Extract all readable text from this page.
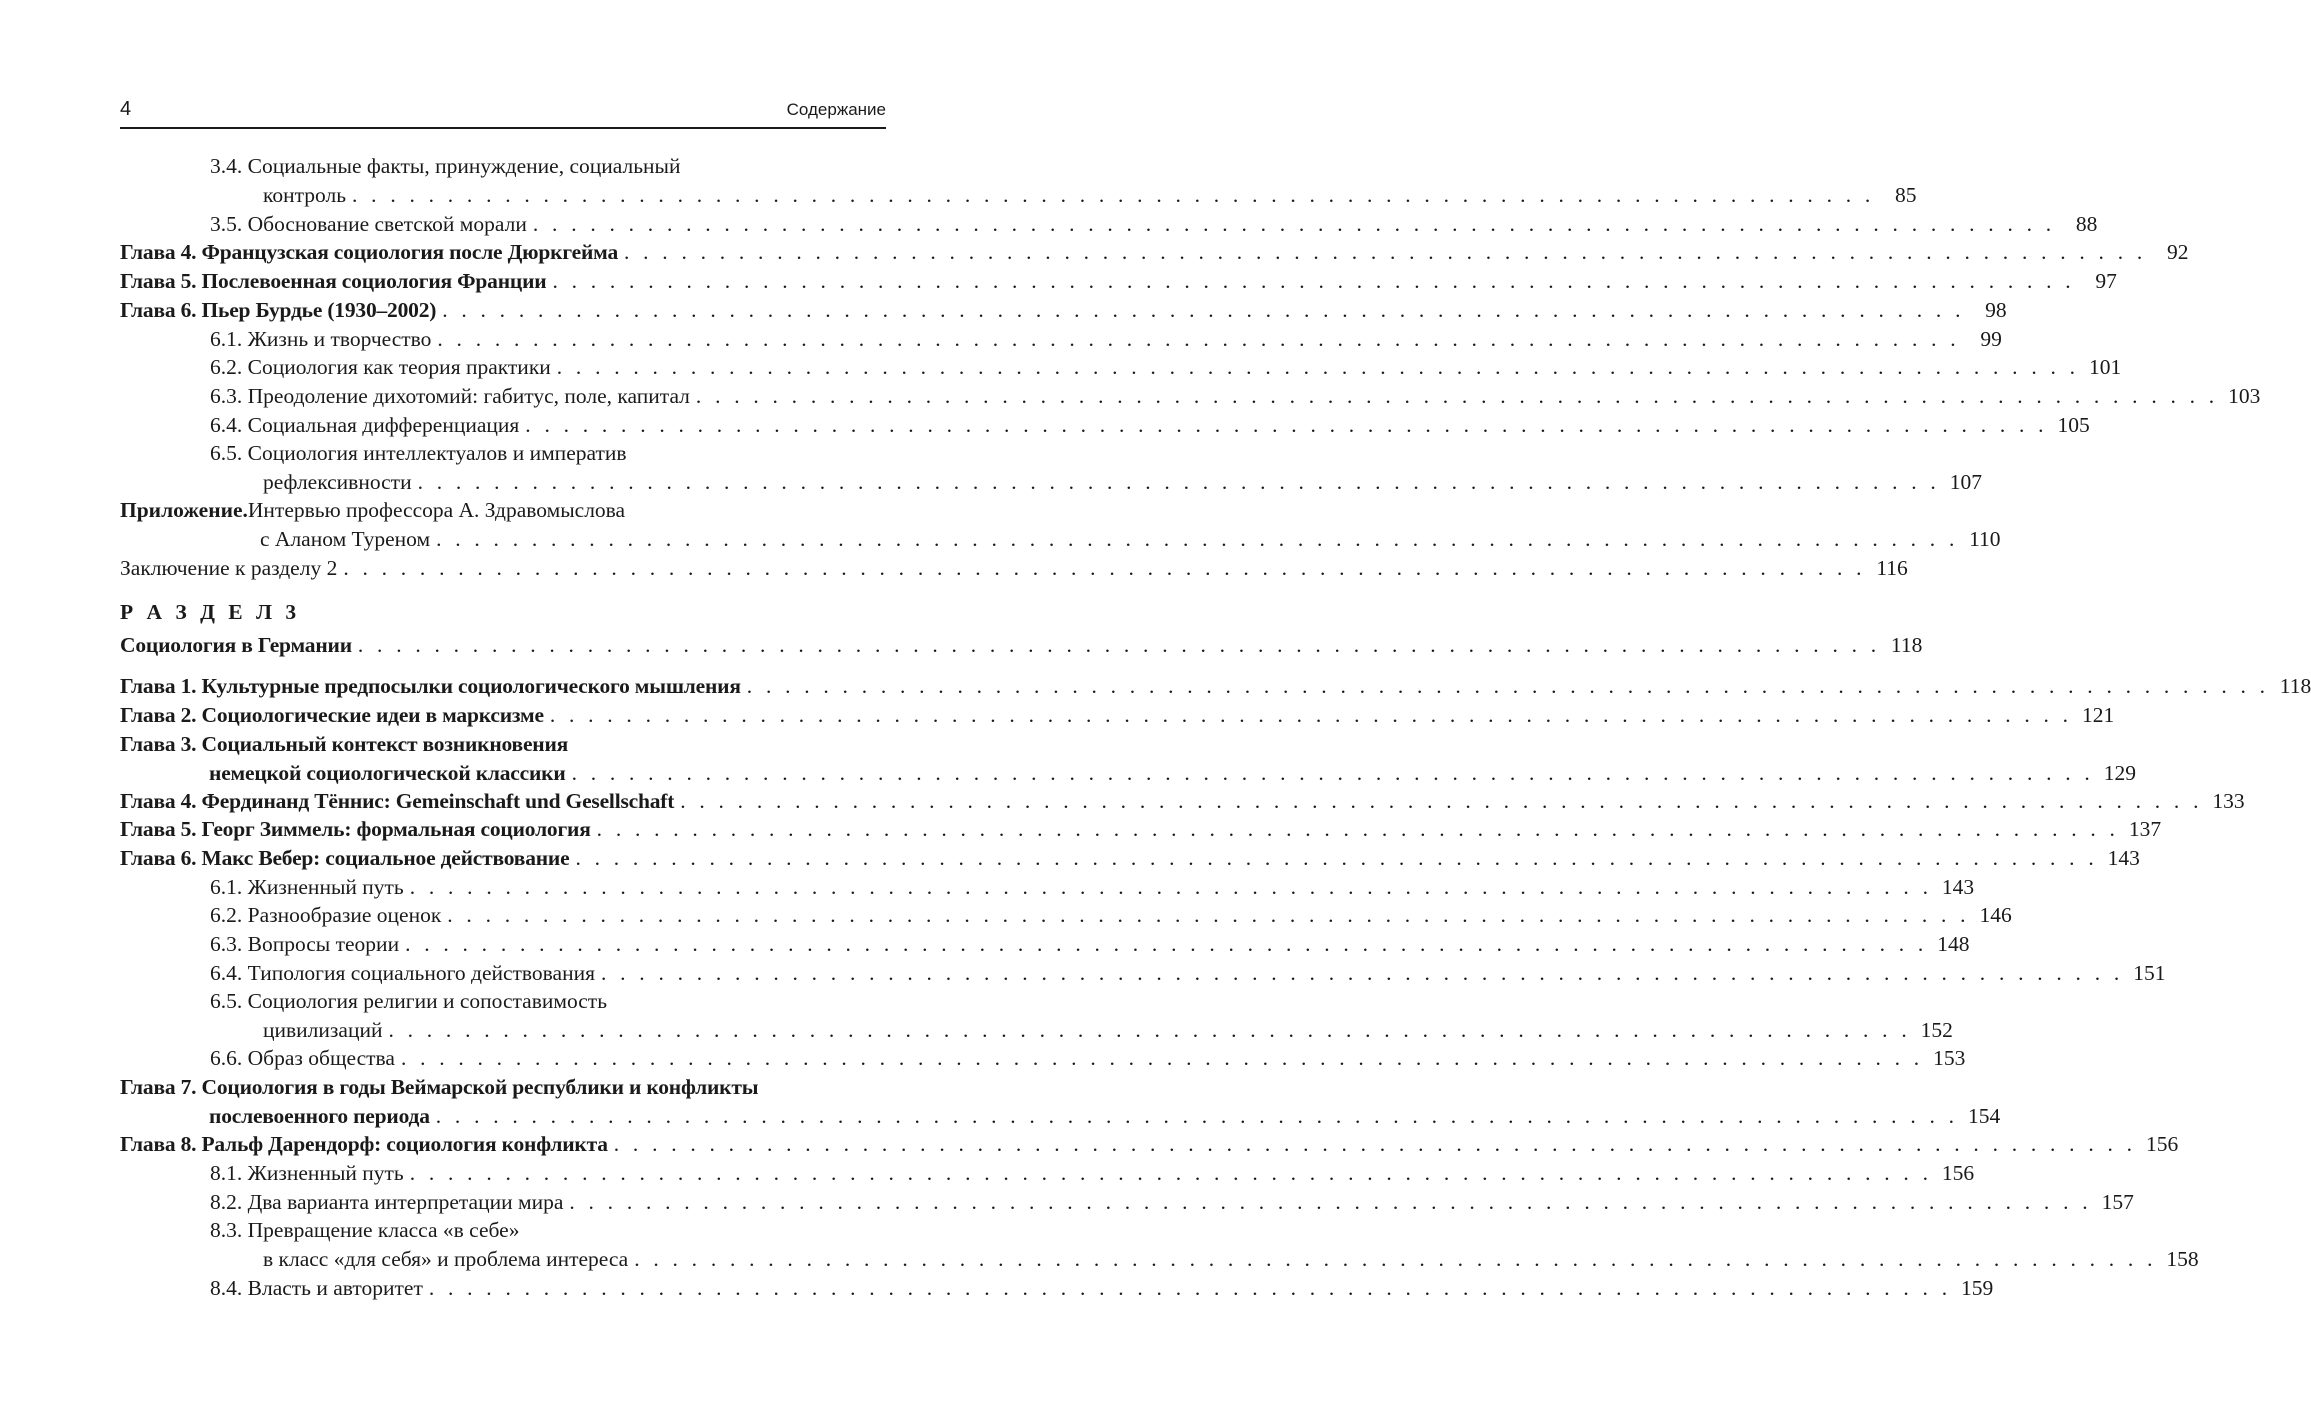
4	Содержание
Р А З Д Е Л 3
3.4. Социальные факты, принуждение, социальный
контроль . . . . . . . . . . . . . . . . . . . . . . . . . . . . . . . . . . . . . . . . . . . . . . . . . . . . . . . . . . . . . . . . . . . . . . . . . . . . . . . . 85
3.5. Обоснование светской морали . . . . . . . . . . . . . . . . . . . . . . . . . . . . . . . . . . . . . . . . . . . . . . . . . . . . . . . . . . . . . . . . . . . . . . . . . . . . . . . . 88
Глава 4. Французская социология после Дюркгейма . . . . . . . . . . . . . . . . . . . . . . . . . . . . . . . . . . . . . . . . . . . . . . . . . . . . . . . . . . . . . . . . . . . . . . . . . . . . . . . . 92
Глава 5. Послевоенная социология Франции . . . . . . . . . . . . . . . . . . . . . . . . . . . . . . . . . . . . . . . . . . . . . . . . . . . . . . . . . . . . . . . . . . . . . . . . . . . . . . . . 97
Глава 6. Пьер Бурдье (1930–2002) . . . . . . . . . . . . . . . . . . . . . . . . . . . . . . . . . . . . . . . . . . . . . . . . . . . . . . . . . . . . . . . . . . . . . . . . . . . . . . . . 98
6.1. Жизнь и творчество . . . . . . . . . . . . . . . . . . . . . . . . . . . . . . . . . . . . . . . . . . . . . . . . . . . . . . . . . . . . . . . . . . . . . . . . . . . . . . . . 99
6.2. Социология как теория практики . . . . . . . . . . . . . . . . . . . . . . . . . . . . . . . . . . . . . . . . . . . . . . . . . . . . . . . . . . . . . . . . . . . . . . . . . . . . . . . . 101
6.3. Преодоление дихотомий: габитус, поле, капитал . . . . . . . . . . . . . . . . . . . . . . . . . . . . . . . . . . . . . . . . . . . . . . . . . . . . . . . . . . . . . . . . . . . . . . . . . . . . . . . . 103
6.4. Социальная дифференциация . . . . . . . . . . . . . . . . . . . . . . . . . . . . . . . . . . . . . . . . . . . . . . . . . . . . . . . . . . . . . . . . . . . . . . . . . . . . . . . . 105
6.5. Социология интеллектуалов и императив
рефлексивности . . . . . . . . . . . . . . . . . . . . . . . . . . . . . . . . . . . . . . . . . . . . . . . . . . . . . . . . . . . . . . . . . . . . . . . . . . . . . . . . 107
Приложение. Интервью профессора А. Здравомыслова
с Аланом Туреном . . . . . . . . . . . . . . . . . . . . . . . . . . . . . . . . . . . . . . . . . . . . . . . . . . . . . . . . . . . . . . . . . . . . . . . . . . . . . . . . 110
Заключение к разделу 2 . . . . . . . . . . . . . . . . . . . . . . . . . . . . . . . . . . . . . . . . . . . . . . . . . . . . . . . . . . . . . . . . . . . . . . . . . . . . . . . . 116
Социология в Германии . . . . . . . . . . . . . . . . . . . . . . . . . . . . . . . . . . . . . . . . . . . . . . . . . . . . . . . . . . . . . . . . . . . . . . . . . . . . . . . . 118
Глава 1. Культурные предпосылки социологического мышления . . . . . . . . . . . . . . . . . . . . . . . . . . . . . . . . . . . . . . . . . . . . . . . . . . . . . . . . . . . . . . . . . . . . . . . . . . . . . . . . 118
Глава 2. Социологические идеи в марксизме . . . . . . . . . . . . . . . . . . . . . . . . . . . . . . . . . . . . . . . . . . . . . . . . . . . . . . . . . . . . . . . . . . . . . . . . . . . . . . . . 121
Глава 3. Социальный контекст возникновения
немецкой социологической классики . . . . . . . . . . . . . . . . . . . . . . . . . . . . . . . . . . . . . . . . . . . . . . . . . . . . . . . . . . . . . . . . . . . . . . . . . . . . . . . . 129
Глава 4. Фердинанд Тённис: Gemeinschaft und Gesellschaft . . . . . . . . . . . . . . . . . . . . . . . . . . . . . . . . . . . . . . . . . . . . . . . . . . . . . . . . . . . . . . . . . . . . . . . . . . . . . . . . 133
Глава 5. Георг Зиммель: формальная социология . . . . . . . . . . . . . . . . . . . . . . . . . . . . . . . . . . . . . . . . . . . . . . . . . . . . . . . . . . . . . . . . . . . . . . . . . . . . . . . . 137
Глава 6. Макс Вебер: социальное действование . . . . . . . . . . . . . . . . . . . . . . . . . . . . . . . . . . . . . . . . . . . . . . . . . . . . . . . . . . . . . . . . . . . . . . . . . . . . . . . . 143
6.1. Жизненный путь . . . . . . . . . . . . . . . . . . . . . . . . . . . . . . . . . . . . . . . . . . . . . . . . . . . . . . . . . . . . . . . . . . . . . . . . . . . . . . . . 143
6.2. Разнообразие оценок . . . . . . . . . . . . . . . . . . . . . . . . . . . . . . . . . . . . . . . . . . . . . . . . . . . . . . . . . . . . . . . . . . . . . . . . . . . . . . . . 146
6.3. Вопросы теории . . . . . . . . . . . . . . . . . . . . . . . . . . . . . . . . . . . . . . . . . . . . . . . . . . . . . . . . . . . . . . . . . . . . . . . . . . . . . . . . 148
6.4. Типология социального действования . . . . . . . . . . . . . . . . . . . . . . . . . . . . . . . . . . . . . . . . . . . . . . . . . . . . . . . . . . . . . . . . . . . . . . . . . . . . . . . . 151
6.5. Социология религии и сопоставимость
цивилизаций . . . . . . . . . . . . . . . . . . . . . . . . . . . . . . . . . . . . . . . . . . . . . . . . . . . . . . . . . . . . . . . . . . . . . . . . . . . . . . . . 152
6.6. Образ общества . . . . . . . . . . . . . . . . . . . . . . . . . . . . . . . . . . . . . . . . . . . . . . . . . . . . . . . . . . . . . . . . . . . . . . . . . . . . . . . . 153
Глава 7. Социология в годы Веймарской республики и конфликты
послевоенного периода . . . . . . . . . . . . . . . . . . . . . . . . . . . . . . . . . . . . . . . . . . . . . . . . . . . . . . . . . . . . . . . . . . . . . . . . . . . . . . . . 154
Глава 8. Ральф Дарендорф: социология конфликта . . . . . . . . . . . . . . . . . . . . . . . . . . . . . . . . . . . . . . . . . . . . . . . . . . . . . . . . . . . . . . . . . . . . . . . . . . . . . . . . 156
8.1. Жизненный путь . . . . . . . . . . . . . . . . . . . . . . . . . . . . . . . . . . . . . . . . . . . . . . . . . . . . . . . . . . . . . . . . . . . . . . . . . . . . . . . . 156
8.2. Два варианта интерпретации мира . . . . . . . . . . . . . . . . . . . . . . . . . . . . . . . . . . . . . . . . . . . . . . . . . . . . . . . . . . . . . . . . . . . . . . . . . . . . . . . . 157
8.3. Превращение класса «в себе»
в класс «для себя» и проблема интереса . . . . . . . . . . . . . . . . . . . . . . . . . . . . . . . . . . . . . . . . . . . . . . . . . . . . . . . . . . . . . . . . . . . . . . . . . . . . . . . . 158
8.4. Власть и авторитет . . . . . . . . . . . . . . . . . . . . . . . . . . . . . . . . . . . . . . . . . . . . . . . . . . . . . . . . . . . . . . . . . . . . . . . . . . . . . . . . 159
